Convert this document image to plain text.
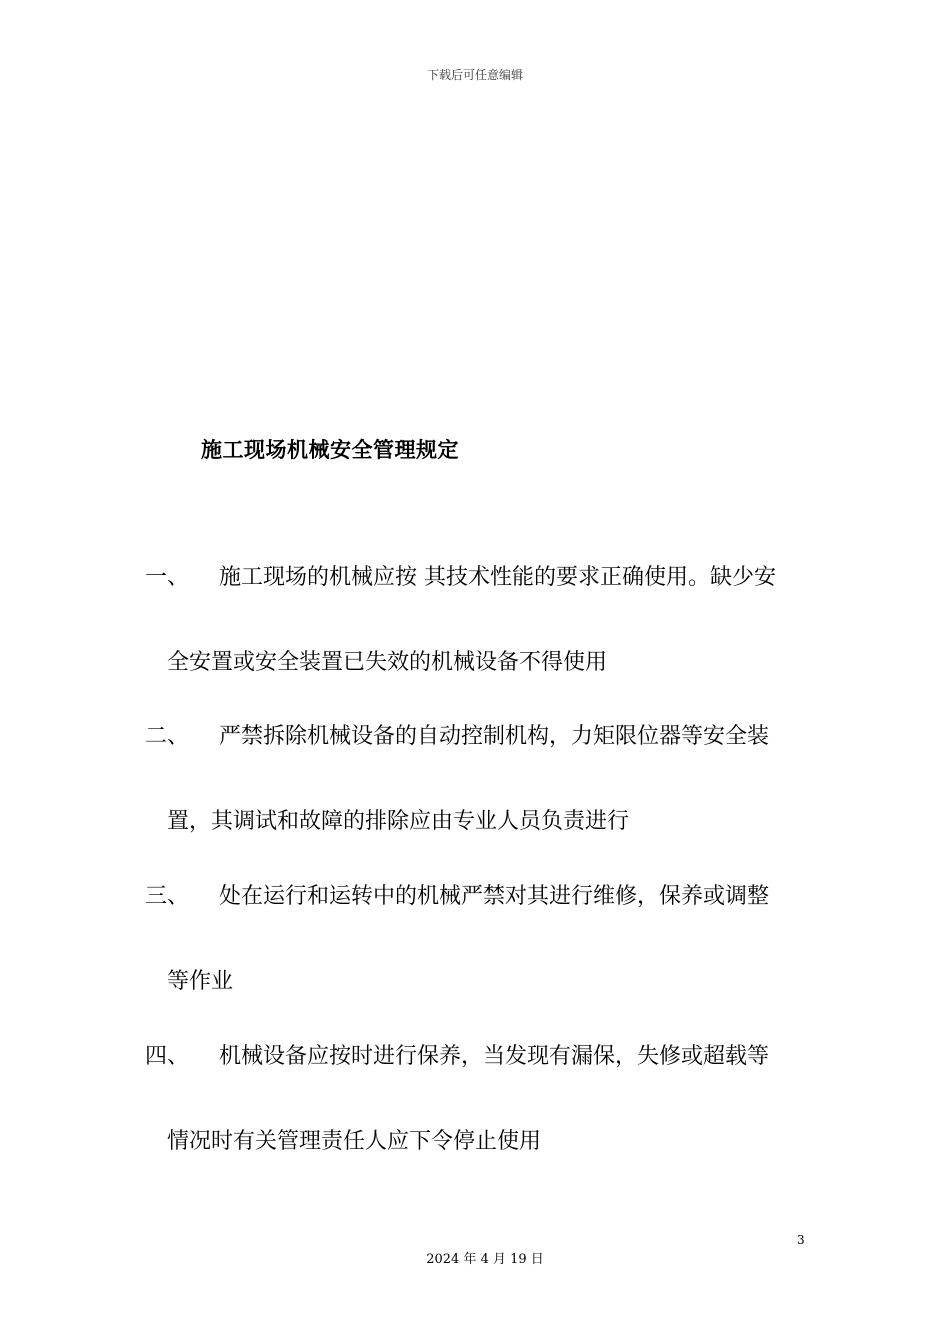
下载后可任意编辑
施工现场机械安全管理规定
一、 施工现场的机械应按 其技术性能的要求正确使用。缺少安
全安置或安全装置已失效的机械设备不得使用
二、 严禁拆除机械设备的自动控制机构，力矩限位器等安全装
置，其调试和故障的排除应由专业人员负责进行
三、 处在运行和运转中的机械严禁对其进行维修，保养或调整
等作业
四、 机械设备应按时进行保养，当发现有漏保，失修或超载等
情况时有关管理责任人应下令停止使用
3
2024 年 4 月 19 日
